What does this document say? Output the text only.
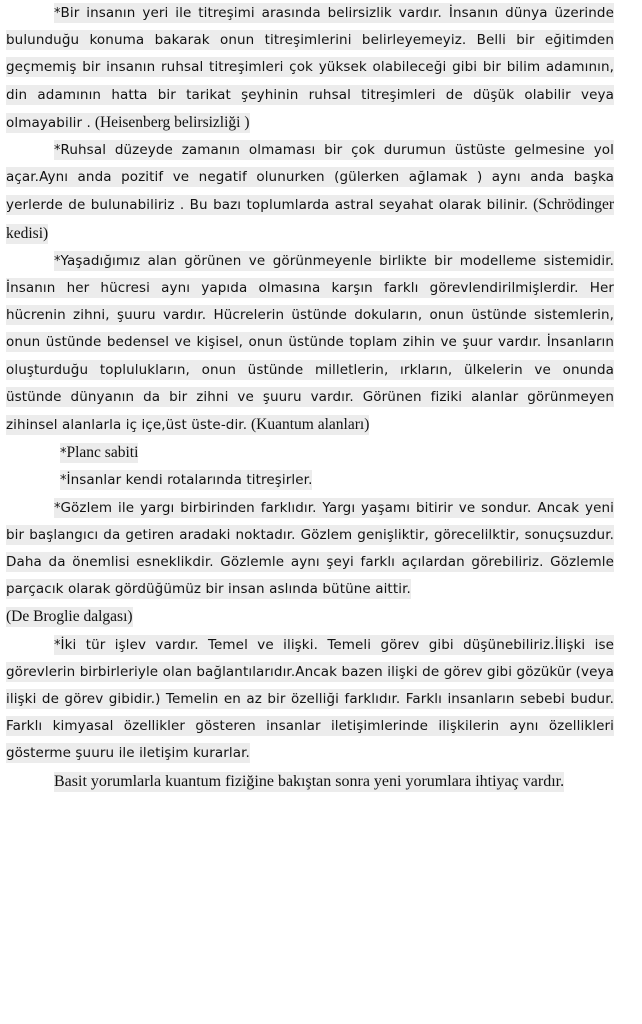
*Bir insanın yeri ile titreşimi arasında belirsizlik vardır. İnsanın dünya üzerinde bulunduğu konuma bakarak onun titreşimlerini belirleyemeyiz. Belli bir eğitimden geçmemiş bir insanın ruhsal titreşimleri çok yüksek olabileceği gibi bir bilim adamının, din adamının hatta bir tarikat şeyhinin ruhsal titreşimleri de düşük olabilir veya olmayabilir . (Heisenberg belirsizliği )

*Ruhsal düzeyde zamanın olmaması bir çok durumun üstüste gelmesine yol açar.Aynı anda pozitif ve negatif olunurken (gülerken ağlamak ) aynı anda başka yerlerde de bulunabiliriz . Bu bazı toplumlarda astral seyahat olarak bilinir. (Schrödinger kedisi)

*Yaşadığımız alan görünen ve görünmeyenle birlikte bir modelleme sistemidir. İnsanın her hücresi aynı yapıda olmasına karşın farklı görevlendirilmişlerdir. Her hücrenin zihni, şuuru vardır. Hücrelerin üstünde dokuların, onun üstünde sistemlerin, onun üstünde bedensel ve kişisel, onun üstünde toplam zihin ve şuur vardır. İnsanların oluşturduğu toplulukların, onun üstünde milletlerin, ırkların, ülkelerin ve onunda üstünde dünyanın da bir zihni ve şuuru vardır. Görünen fiziki alanlar görünmeyen zihinsel alanlarla iç içe,üst üste-dir. (Kuantum alanları)

*Planc sabiti

*İnsanlar kendi rotalarında titreşirler.

*Gözlem ile yargı birbirinden farklıdır. Yargı yaşamı bitirir ve sondur. Ancak yeni bir başlangıcı da getiren aradaki noktadır. Gözlem genişliktir, görecelilktir, sonuçsuzdur. Daha da önemlisi esneklikdir. Gözlemle aynı şeyi farklı açılardan görebiliriz. Gözlemle parçacık olarak gördüğümüz bir insan aslında bütüne aittir.

(De Broglie dalgası)

*İki tür işlev vardır. Temel ve ilişki. Temeli görev gibi düşünebiliriz.İlişki ise görevlerin birbirleriyle olan bağlantılarıdır.Ancak bazen ilişki de görev gibi gözükür (veya ilişki de görev gibidir.) Temelin en az bir özelliği farklıdır. Farklı insanların sebebi budur. Farklı kimyasal özellikler gösteren insanlar iletişimlerinde ilişkilerin aynı özellikleri gösterme şuuru ile iletişim kurarlar.

Basit yorumlarla kuantum fiziğine bakıştan sonra yeni yorumlara ihtiyaç vardır.
